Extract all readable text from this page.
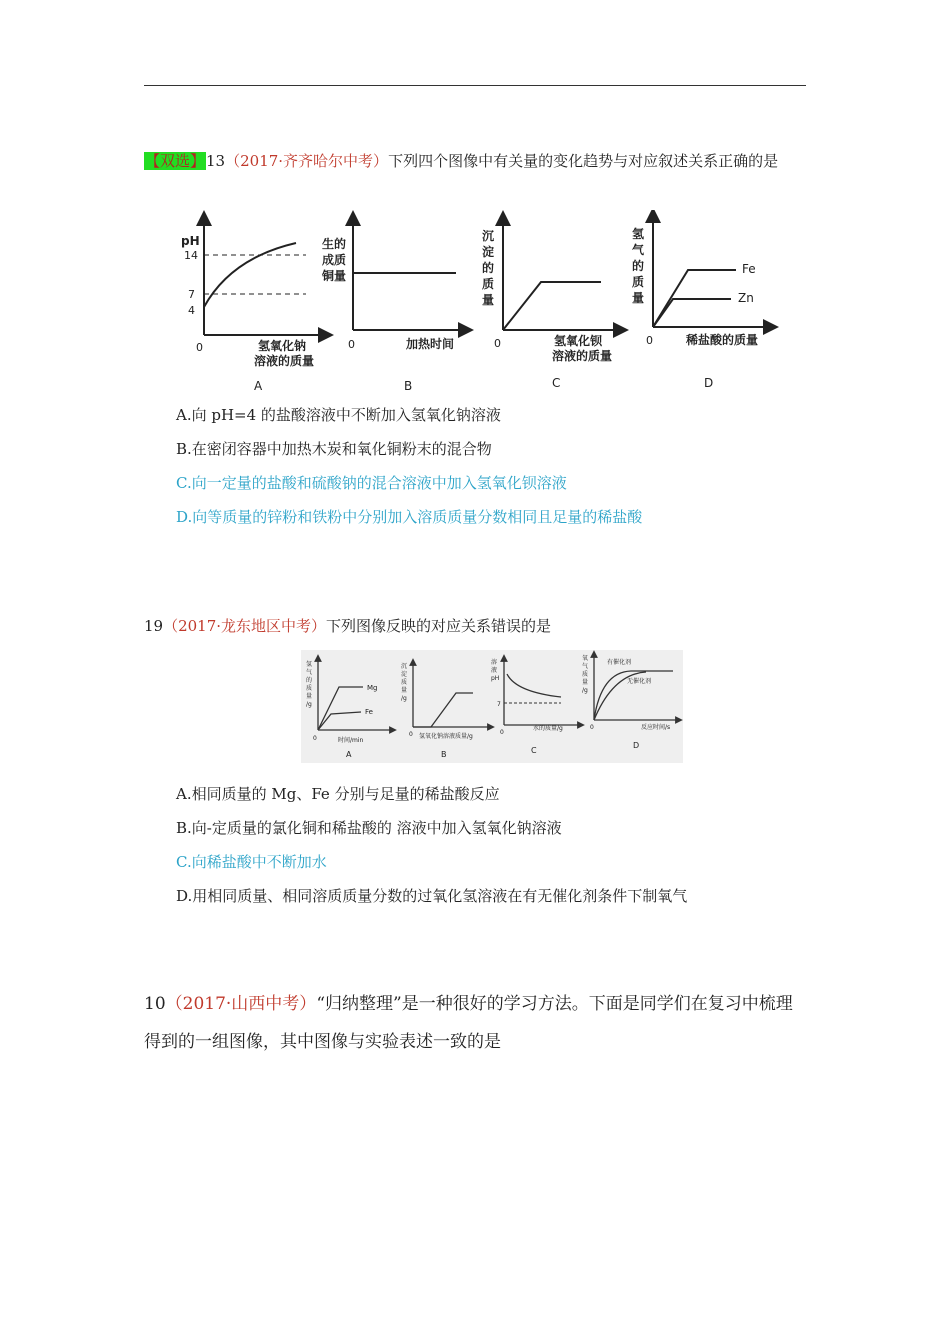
【双选】13（2017·齐齐哈尔中考）下列四个图像中有关量的变化趋势与对应叙述关系正确的是
pH
14
7
4
0	氢氧化钠
溶液的质量
A
生的
成质
铜量
0	加热时间
B
沉
淀
的
质
量
0	氢氧化钡
溶液的质量
C
Fe
Zn
氢
气
的
质
量
0	稀盐酸的质量
D
A.向 pH=4 的盐酸溶液中不断加入氢氧化钠溶液
B.在密闭容器中加热木炭和氧化铜粉末的混合物
C.向一定量的盐酸和硫酸钠的混合溶液中加入氢氧化钡溶液
D.向等质量的锌粉和铁粉中分别加入溶质质量分数相同且足量的稀盐酸
19（2017·龙东地区中考）下列图像反映的对应关系错误的是
Mg
Fe
氢
气
的
质
量
/g
0	时间/min
A
沉
淀
质
量
/g
0 氢氧化钠溶液质量/g
B
溶
液
pH
7
0
水的质量/g
C
有催化剂
无催化剂
氧
气
质
量
/g
0	反应时间/s
D
A.相同质量的 Mg、Fe 分别与足量的稀盐酸反应
B.向-定质量的氯化铜和稀盐酸的 溶液中加入氢氧化钠溶液
C.向稀盐酸中不断加水
D.用相同质量、相同溶质质量分数的过氧化氢溶液在有无催化剂条件下制氧气
10（2017·山西中考）“归纳整理”是一种很好的学习方法。下面是同学们在复习中梳理得到的一组图像，其中图像与实验表述一致的是
